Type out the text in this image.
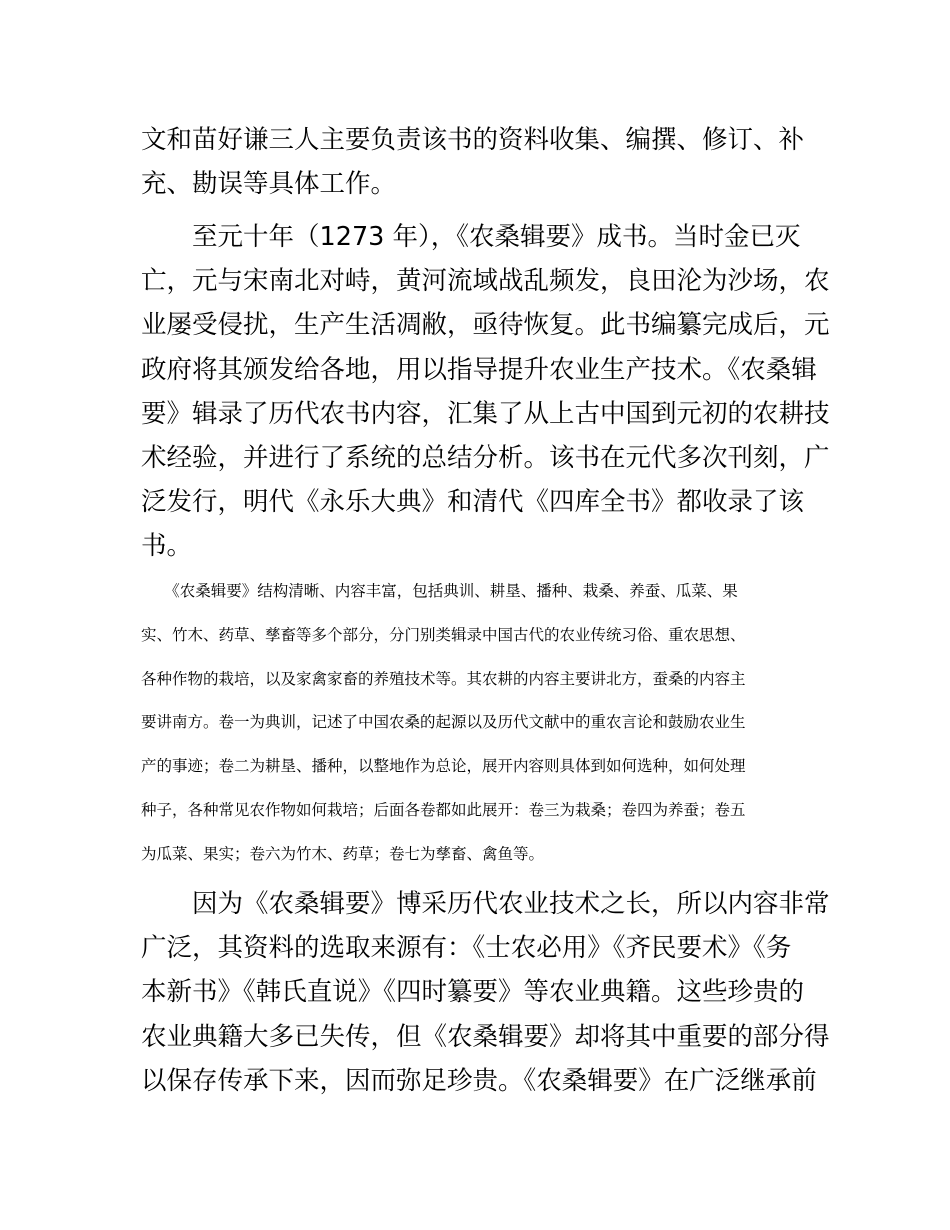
文和苗好谦三人主要负责该书的资料收集、编撰、修订、补
充、勘误等具体工作。
　　至元十年（1273 年），《农桑辑要》成书。当时金已灭
亡，元与宋南北对峙，黄河流域战乱频发，良田沦为沙场，农
业屡受侵扰，生产生活凋敝，亟待恢复。此书编纂完成后，元
政府将其颁发给各地，用以指导提升农业生产技术。《农桑辑
要》辑录了历代农书内容，汇集了从上古中国到元初的农耕技
术经验，并进行了系统的总结分析。该书在元代多次刊刻，广
泛发行，明代《永乐大典》和清代《四库全书》都收录了该
书。
　　《农桑辑要》结构清晰、内容丰富，包括典训、耕垦、播种、栽桑、养蚕、瓜菜、果
实、竹木、药草、孳畜等多个部分，分门别类辑录中国古代的农业传统习俗、重农思想、
各种作物的栽培，以及家禽家畜的养殖技术等。其农耕的内容主要讲北方，蚕桑的内容主
要讲南方。卷一为典训，记述了中国农桑的起源以及历代文献中的重农言论和鼓励农业生
产的事迹；卷二为耕垦、播种，以整地作为总论，展开内容则具体到如何选种，如何处理
种子，各种常见农作物如何栽培；后面各卷都如此展开：卷三为栽桑；卷四为养蚕；卷五
为瓜菜、果实；卷六为竹木、药草；卷七为孳畜、禽鱼等。
　　因为《农桑辑要》博采历代农业技术之长，所以内容非常
广泛，其资料的选取来源有：《士农必用》《齐民要术》《务
本新书》《韩氏直说》《四时纂要》等农业典籍。这些珍贵的
农业典籍大多已失传，但《农桑辑要》却将其中重要的部分得
以保存传承下来，因而弥足珍贵。《农桑辑要》在广泛继承前
